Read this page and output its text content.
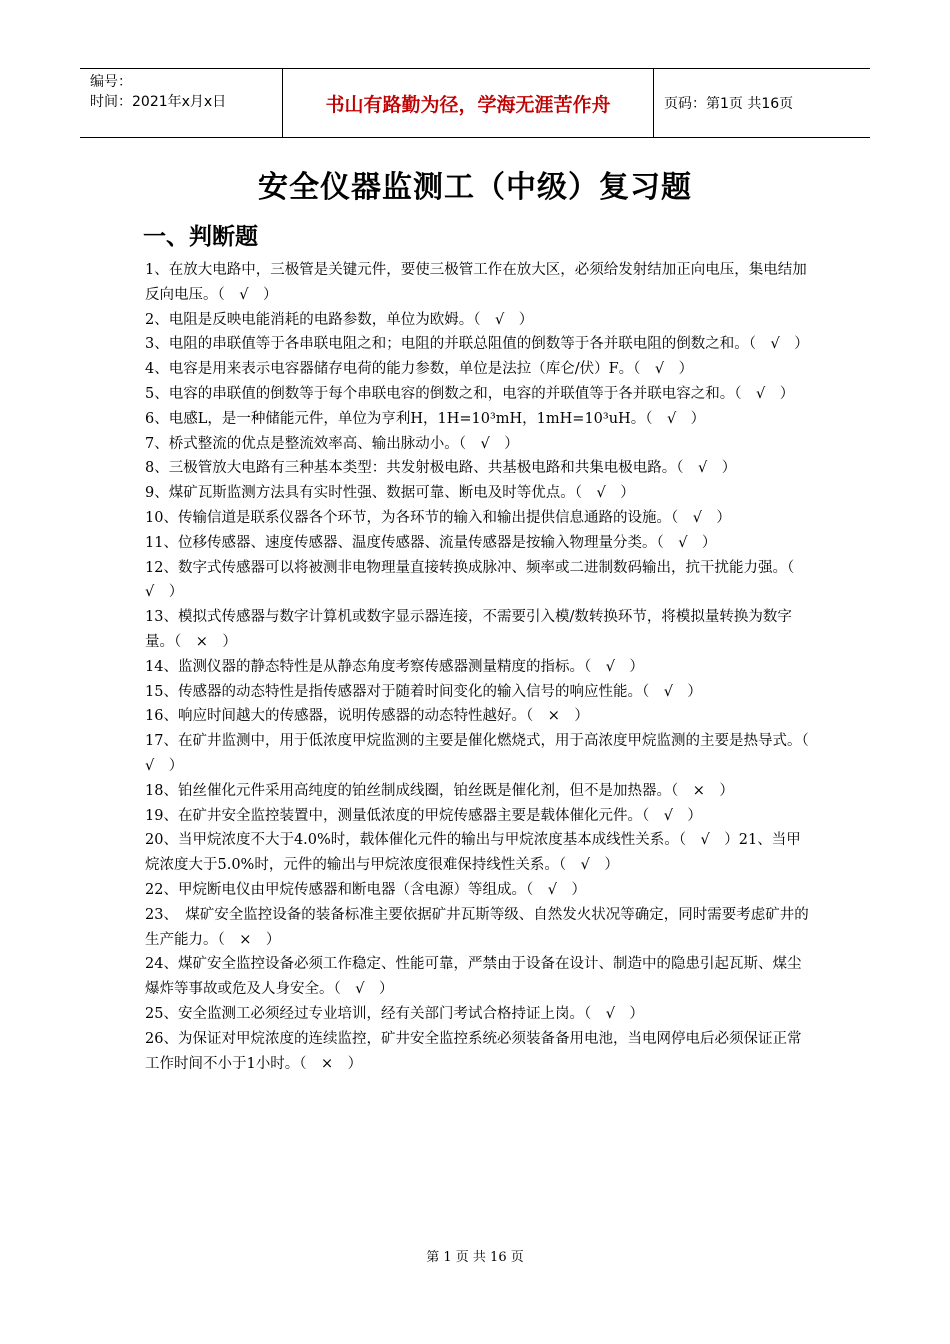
编号：
时间：2021年x月x日	书山有路勤为径，学海无涯苦作舟	页码：第1页 共16页
安全仪器监测工（中级）复习题
一、判断题

1、在放大电路中，三极管是关键元件，要使三极管工作在放大区，必须给发射结加正向电压，集电结加反向电压。（　√　）

2、电阻是反映电能消耗的电路参数，单位为欧姆。（　√　）

3、电阻的串联值等于各串联电阻之和；电阻的并联总阻值的倒数等于各并联电阻的倒数之和。（　√　）

4、电容是用来表示电容器储存电荷的能力参数，单位是法拉（库仑/伏）F。（　√　）

5、电容的串联值的倒数等于每个串联电容的倒数之和，电容的并联值等于各并联电容之和。（　√　）

6、电感L，是一种储能元件，单位为亨利H，1H=10³mH，1mH=10³uH。（　√　）

7、桥式整流的优点是整流效率高、输出脉动小。（　√　）

8、三极管放大电路有三种基本类型：共发射极电路、共基极电路和共集电极电路。（　√　）

9、煤矿瓦斯监测方法具有实时性强、数据可靠、断电及时等优点。（　√　）

10、传输信道是联系仪器各个环节，为各环节的输入和输出提供信息通路的设施。（　√　）

11、位移传感器、速度传感器、温度传感器、流量传感器是按输入物理量分类。（　√　）

12、数字式传感器可以将被测非电物理量直接转换成脉冲、频率或二进制数码输出，抗干扰能力强。（　√　）

13、模拟式传感器与数字计算机或数字显示器连接，不需要引入模/数转换环节，将模拟量转换为数字量。（　×　）

14、监测仪器的静态特性是从静态角度考察传感器测量精度的指标。（　√　）

15、传感器的动态特性是指传感器对于随着时间变化的输入信号的响应性能。（　√　）

16、响应时间越大的传感器，说明传感器的动态特性越好。（　×　）

17、在矿井监测中，用于低浓度甲烷监测的主要是催化燃烧式，用于高浓度甲烷监测的主要是热导式。（　√　）

18、铂丝催化元件采用高纯度的铂丝制成线圈，铂丝既是催化剂，但不是加热器。（　×　）

19、在矿井安全监控装置中，测量低浓度的甲烷传感器主要是载体催化元件。（　√　）

20、当甲烷浓度不大于4.0%时，载体催化元件的输出与甲烷浓度基本成线性关系。（　√　）21、当甲烷浓度大于5.0%时，元件的输出与甲烷浓度很难保持线性关系。（　√　）

22、甲烷断电仪由甲烷传感器和断电器（含电源）等组成。（　√　）

23、　煤矿安全监控设备的装备标准主要依据矿井瓦斯等级、自然发火状况等确定，同时需要考虑矿井的生产能力。（　×　）

24、煤矿安全监控设备必须工作稳定、性能可靠，严禁由于设备在设计、制造中的隐患引起瓦斯、煤尘爆炸等事故或危及人身安全。（　√　）

25、安全监测工必须经过专业培训，经有关部门考试合格持证上岗。（　√　）

26、为保证对甲烷浓度的连续监控，矿井安全监控系统必须装备备用电池，当电网停电后必须保证正常工作时间不小于1小时。（　×　）

第 1 页 共 16 页
